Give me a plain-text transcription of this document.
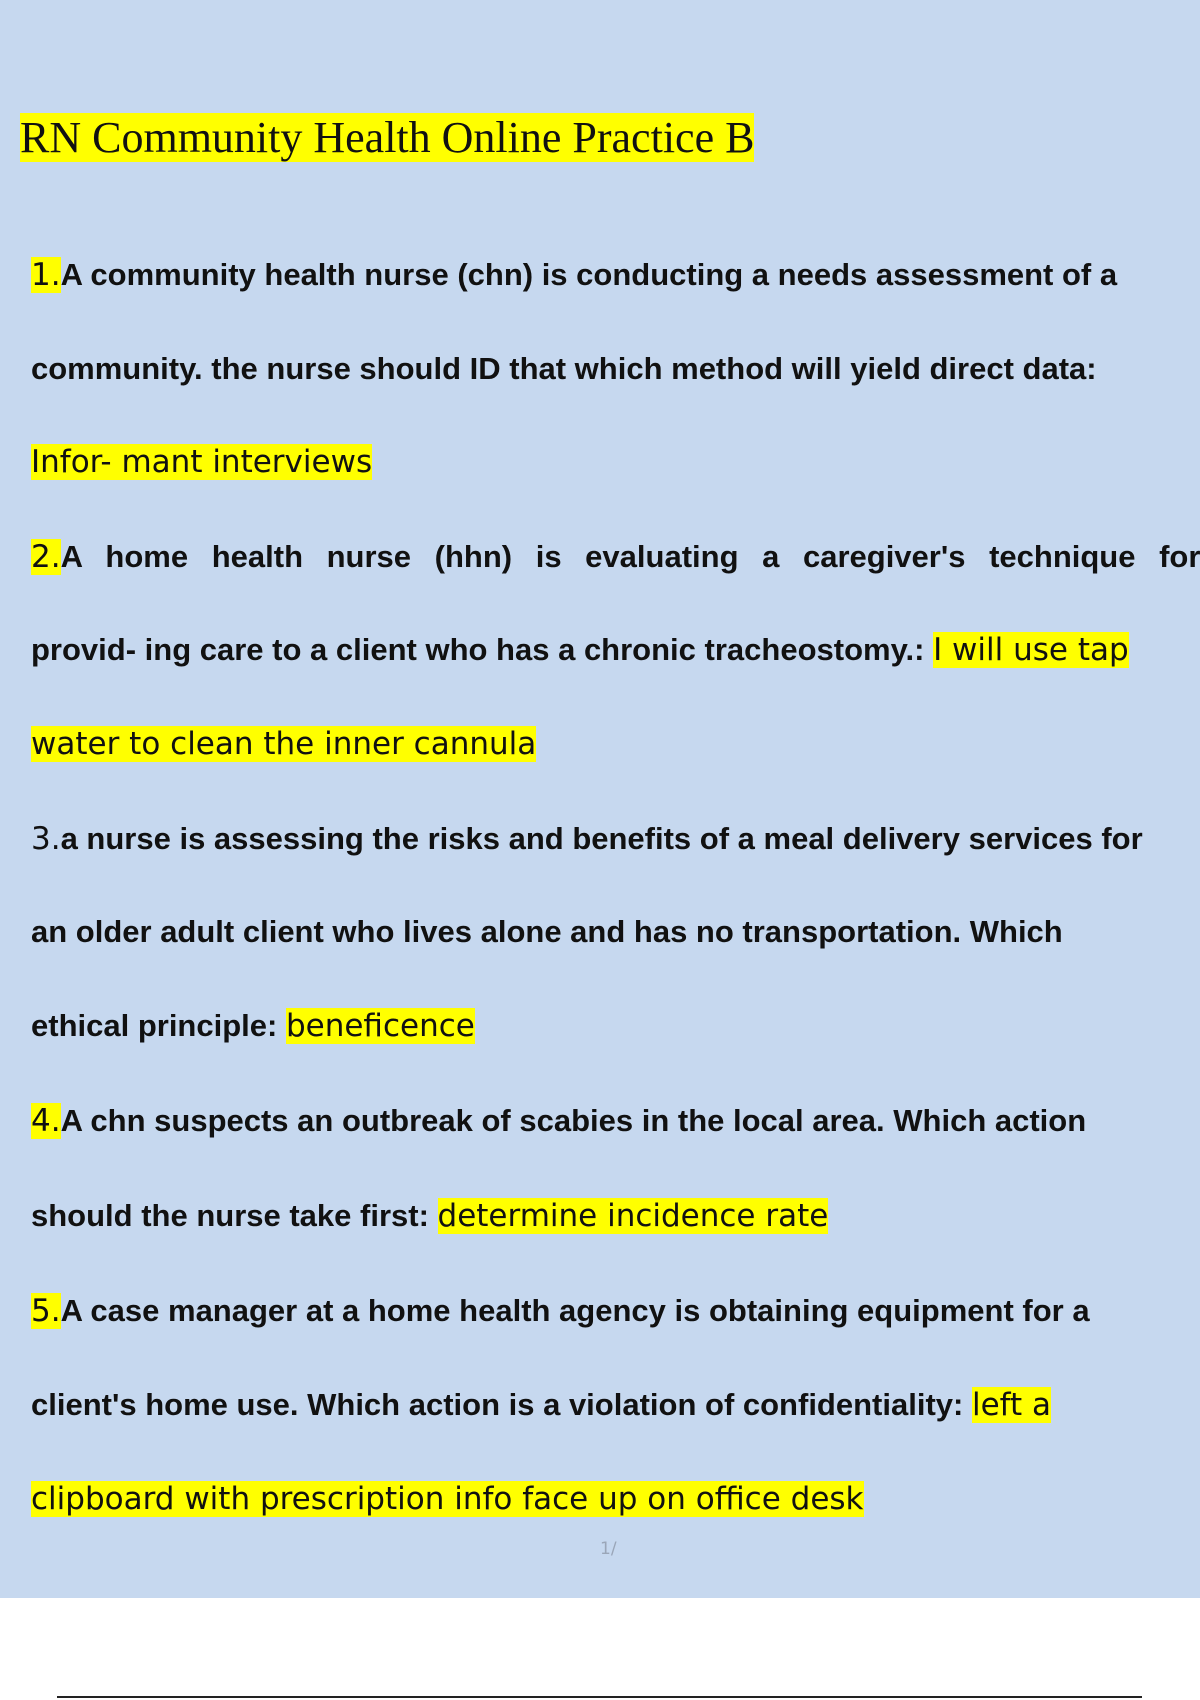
RN Community Health Online Practice B
1.A community health nurse (chn) is conducting a needs assessment of a
community. the nurse should ID that which method will yield direct data:
Infor- mant interviews
2.A home health nurse (hhn) is evaluating a caregiver's technique for
provid- ing care to a client who has a chronic tracheostomy.: I will use tap
water to clean the inner cannula
3.a nurse is assessing the risks and benefits of a meal delivery services for
an older adult client who lives alone and has no transportation. Which
ethical principle: beneficence
4.A chn suspects an outbreak of scabies in the local area. Which action
should the nurse take first: determine incidence rate
5.A case manager at a home health agency is obtaining equipment for a
client's home use. Which action is a violation of confidentiality: left a
clipboard with prescription info face up on office desk
1/
